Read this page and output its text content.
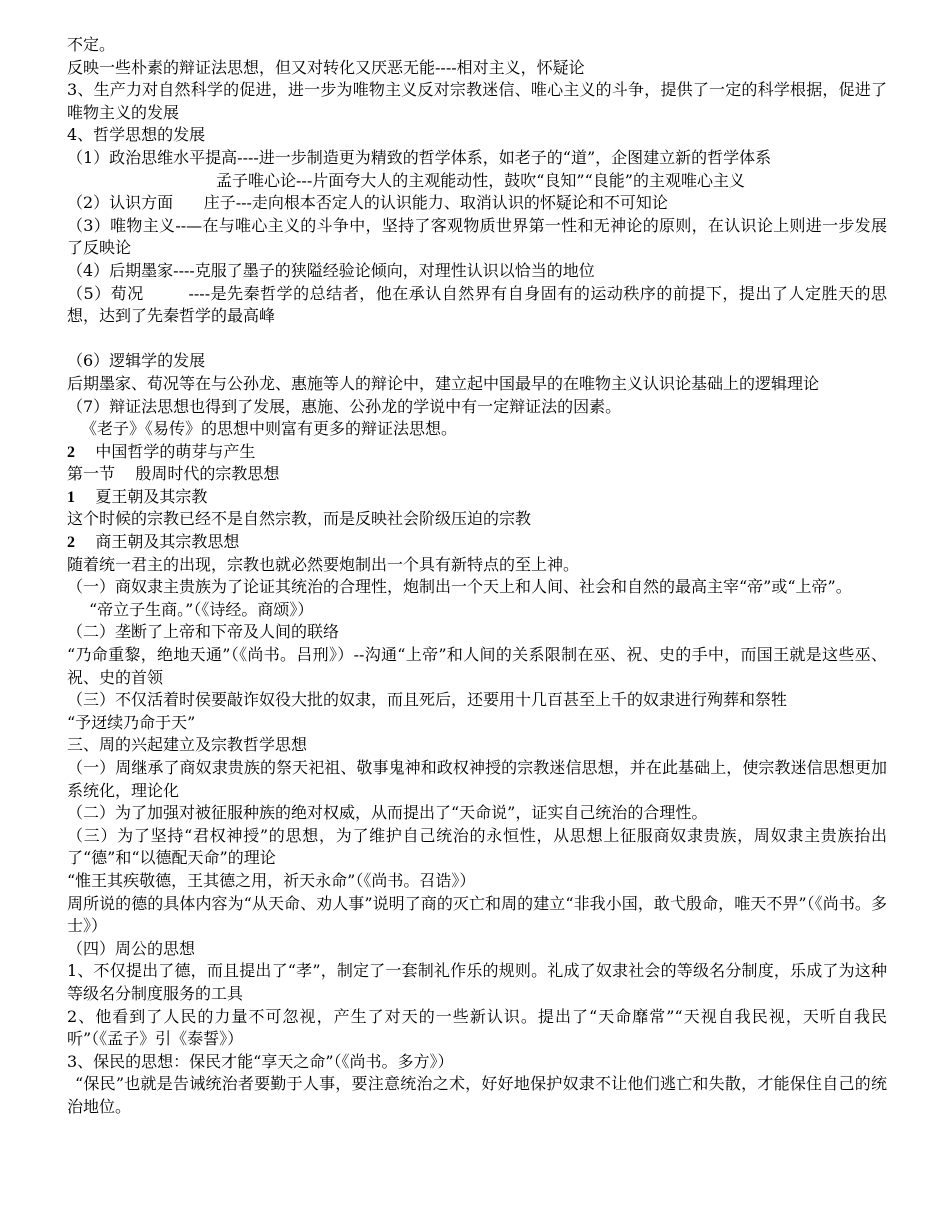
不定。
反映一些朴素的辩证法思想，但又对转化又厌恶无能----相对主义，怀疑论
3、生产力对自然科学的促进，进一步为唯物主义反对宗教迷信、唯心主义的斗争，提供了一定的科学根据，促进了唯物主义的发展
4、哲学思想的发展
（1）政治思维水平提高----进一步制造更为精致的哲学体系，如老子的“道”，企图建立新的哲学体系
孟子唯心论---片面夸大人的主观能动性，鼓吹“良知”“良能”的主观唯心主义
（2）认识方面      庄子---走向根本否定人的认识能力、取消认识的怀疑论和不可知论
（3）唯物主义--—在与唯心主义的斗争中，坚持了客观物质世界第一性和无神论的原则，在认识论上则进一步发展了反映论
（4）后期墨家----克服了墨子的狭隘经验论倾向，对理性认识以恰当的地位
（5）荀况        ----是先秦哲学的总结者，他在承认自然界有自身固有的运动秩序的前提下，提出了人定胜天的思想，达到了先秦哲学的最高峰
（6）逻辑学的发展
后期墨家、荀况等在与公孙龙、惠施等人的辩论中，建立起中国最早的在唯物主义认识论基础上的逻辑理论
（7）辩证法思想也得到了发展，惠施、公孙龙的学说中有一定辩证法的因素。
《老子》《易传》的思想中则富有更多的辩证法思想。
2    中国哲学的萌芽与产生
第一节    殷周时代的宗教思想
1    夏王朝及其宗教
这个时候的宗教已经不是自然宗教，而是反映社会阶级压迫的宗教
2    商王朝及其宗教思想
随着统一君主的出现，宗教也就必然要炮制出一个具有新特点的至上神。
（一）商奴隶主贵族为了论证其统治的合理性，炮制出一个天上和人间、社会和自然的最高主宰“帝”或“上帝”。
“帝立子生商。”（《诗经。商颂》）
（二）垄断了上帝和下帝及人间的联络
“乃命重黎，绝地天通”（《尚书。吕刑》）--沟通“上帝”和人间的关系限制在巫、祝、史的手中，而国王就是这些巫、祝、史的首领
（三）不仅活着时侯要敲诈奴役大批的奴隶，而且死后，还要用十几百甚至上千的奴隶进行殉葬和祭牲
“予迓续乃命于天”
三、周的兴起建立及宗教哲学思想
（一）周继承了商奴隶贵族的祭天祀祖、敬事鬼神和政权神授的宗教迷信思想，并在此基础上，使宗教迷信思想更加系统化，理论化
（二）为了加强对被征服种族的绝对权威，从而提出了“天命说”，证实自己统治的合理性。
（三）为了坚持“君权神授”的思想，为了维护自己统治的永恒性，从思想上征服商奴隶贵族，周奴隶主贵族抬出了“德”和“以德配天命”的理论
“惟王其疾敬德，王其德之用，祈天永命”（《尚书。召诰》）
周所说的德的具体内容为“从天命、劝人事”说明了商的灭亡和周的建立“非我小国，敢弋殷命，唯天不畀”（《尚书。多士》）
（四）周公的思想
1、不仅提出了德，而且提出了“孝”，制定了一套制礼作乐的规则。礼成了奴隶社会的等级名分制度，乐成了为这种等级名分制度服务的工具
2、他看到了人民的力量不可忽视，产生了对天的一些新认识。提出了“天命靡常”“天视自我民视，天听自我民听”（《孟子》引《泰誓》）
3、保民的思想：保民才能“享天之命”（《尚书。多方》）
“保民”也就是告诫统治者要勤于人事，要注意统治之术，好好地保护奴隶不让他们逃亡和失散，才能保住自己的统治地位。
